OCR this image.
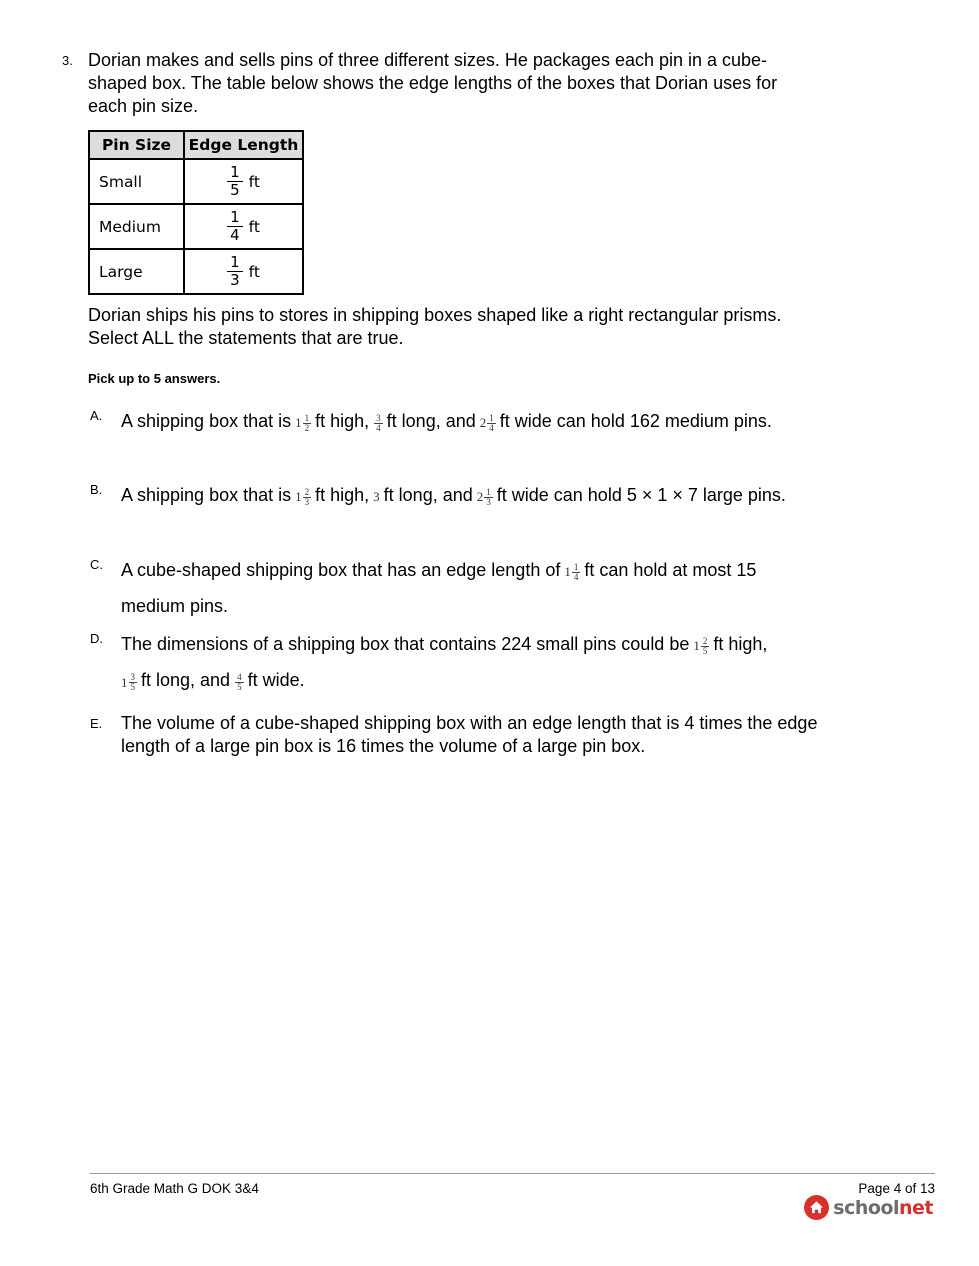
3. Dorian makes and sells pins of three different sizes. He packages each pin in a cube-shaped box. The table below shows the edge lengths of the boxes that Dorian uses for each pin size.
Pin Size	Edge Length
Small	$\frac{1}{5}$ ft
Medium	$\frac{1}{4}$ ft
Large	$\frac{1}{3}$ ft
Dorian ships his pins to stores in shipping boxes shaped like a right rectangular prisms. Select ALL the statements that are true.
Pick up to 5 answers.
A. A shipping box that is $1 \frac{1}{2}$ ft high, $\frac{3}{4}$ ft long, and $2 \frac{1}{4}$ ft wide can hold 162 medium pins.
B. A shipping box that is $1 \frac{2}{3}$ ft high, 3 ft long, and $2 \frac{1}{3}$ ft wide can hold 5 × 1 × 7 large pins.
C. A cube-shaped shipping box that has an edge length of $1 \frac{1}{4}$ ft can hold at most 15 medium pins.
D. The dimensions of a shipping box that contains 224 small pins could be $1 \frac{2}{5}$ ft high,
$1 \frac{3}{5}$ ft long, and $\frac{4}{5}$ ft wide.
E. The volume of a cube-shaped shipping box with an edge length that is 4 times the edge length of a large pin box is 16 times the volume of a large pin box.
6th Grade Math G DOK 3&4	Page 4 of 13
schoolnet
